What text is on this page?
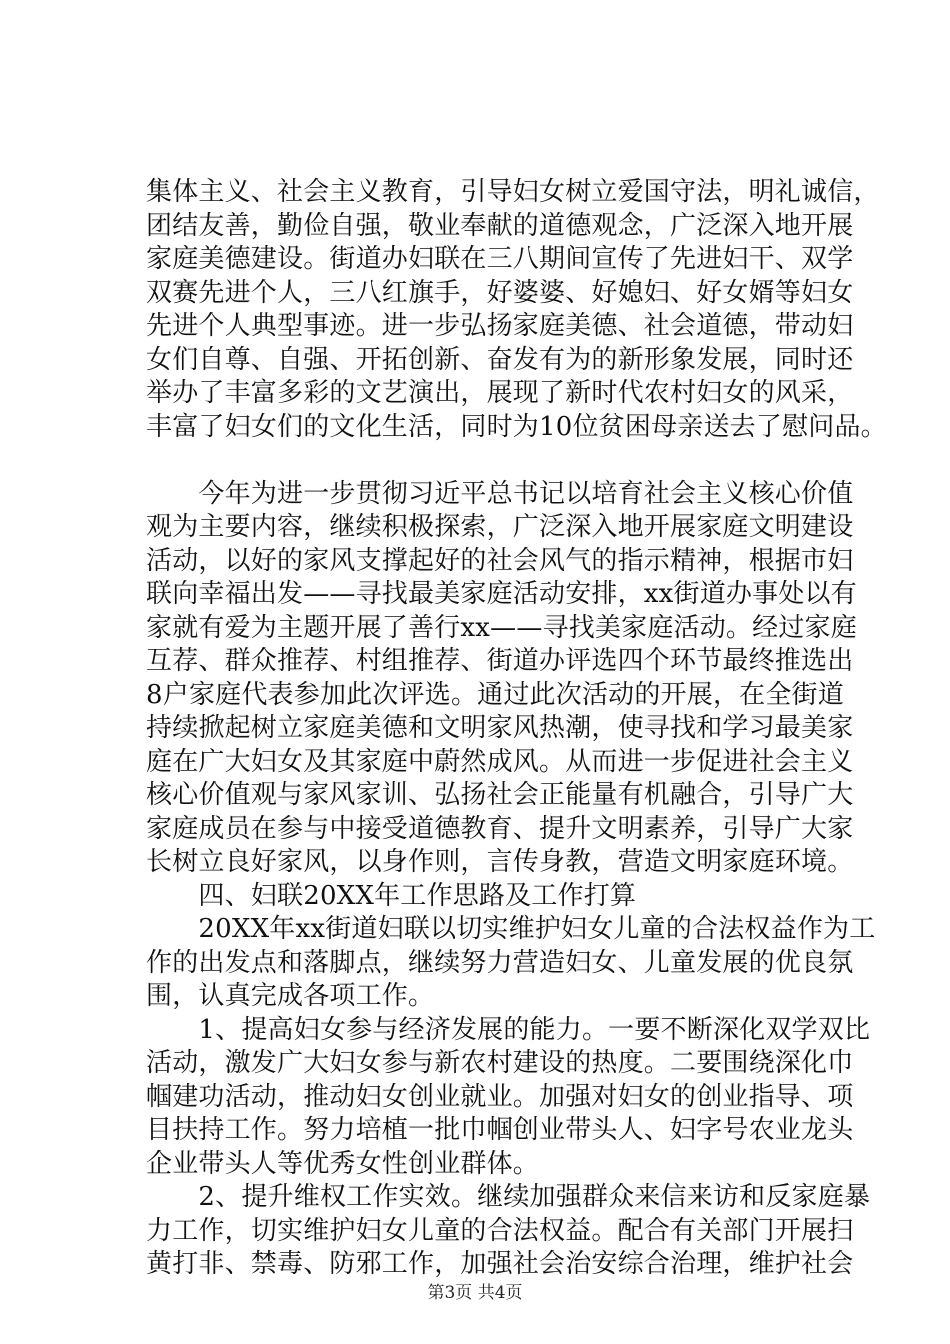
集体主义、社会主义教育，引导妇女树立爱国守法，明礼诚信，
团结友善，勤俭自强，敬业奉献的道德观念，广泛深入地开展
家庭美德建设。街道办妇联在三八期间宣传了先进妇干、双学
双赛先进个人，三八红旗手，好婆婆、好媳妇、好女婿等妇女
先进个人典型事迹。进一步弘扬家庭美德、社会道德，带动妇
女们自尊、自强、开拓创新、奋发有为的新形象发展，同时还
举办了丰富多彩的文艺演出，展现了新时代农村妇女的风采，
丰富了妇女们的文化生活，同时为10位贫困母亲送去了慰问品。
　　今年为进一步贯彻习近平总书记以培育社会主义核心价值
观为主要内容，继续积极探索，广泛深入地开展家庭文明建设
活动，以好的家风支撑起好的社会风气的指示精神，根据市妇
联向幸福出发——寻找最美家庭活动安排，xx街道办事处以有
家就有爱为主题开展了善行xx——寻找美家庭活动。经过家庭
互荐、群众推荐、村组推荐、街道办评选四个环节最终推选出
8户家庭代表参加此次评选。通过此次活动的开展，在全街道
持续掀起树立家庭美德和文明家风热潮，使寻找和学习最美家
庭在广大妇女及其家庭中蔚然成风。从而进一步促进社会主义
核心价值观与家风家训、弘扬社会正能量有机融合，引导广大
家庭成员在参与中接受道德教育、提升文明素养，引导广大家
长树立良好家风，以身作则，言传身教，营造文明家庭环境。
　　四、妇联20XX年工作思路及工作打算
　　20XX年xx街道妇联以切实维护妇女儿童的合法权益作为工
作的出发点和落脚点，继续努力营造妇女、儿童发展的优良氛
围，认真完成各项工作。
　　1、提高妇女参与经济发展的能力。一要不断深化双学双比
活动，激发广大妇女参与新农村建设的热度。二要围绕深化巾
帼建功活动，推动妇女创业就业。加强对妇女的创业指导、项
目扶持工作。努力培植一批巾帼创业带头人、妇字号农业龙头
企业带头人等优秀女性创业群体。
　　2、提升维权工作实效。继续加强群众来信来访和反家庭暴
力工作，切实维护妇女儿童的合法权益。配合有关部门开展扫
黄打非、禁毒、防邪工作，加强社会治安综合治理，维护社会
第3页 共4页
